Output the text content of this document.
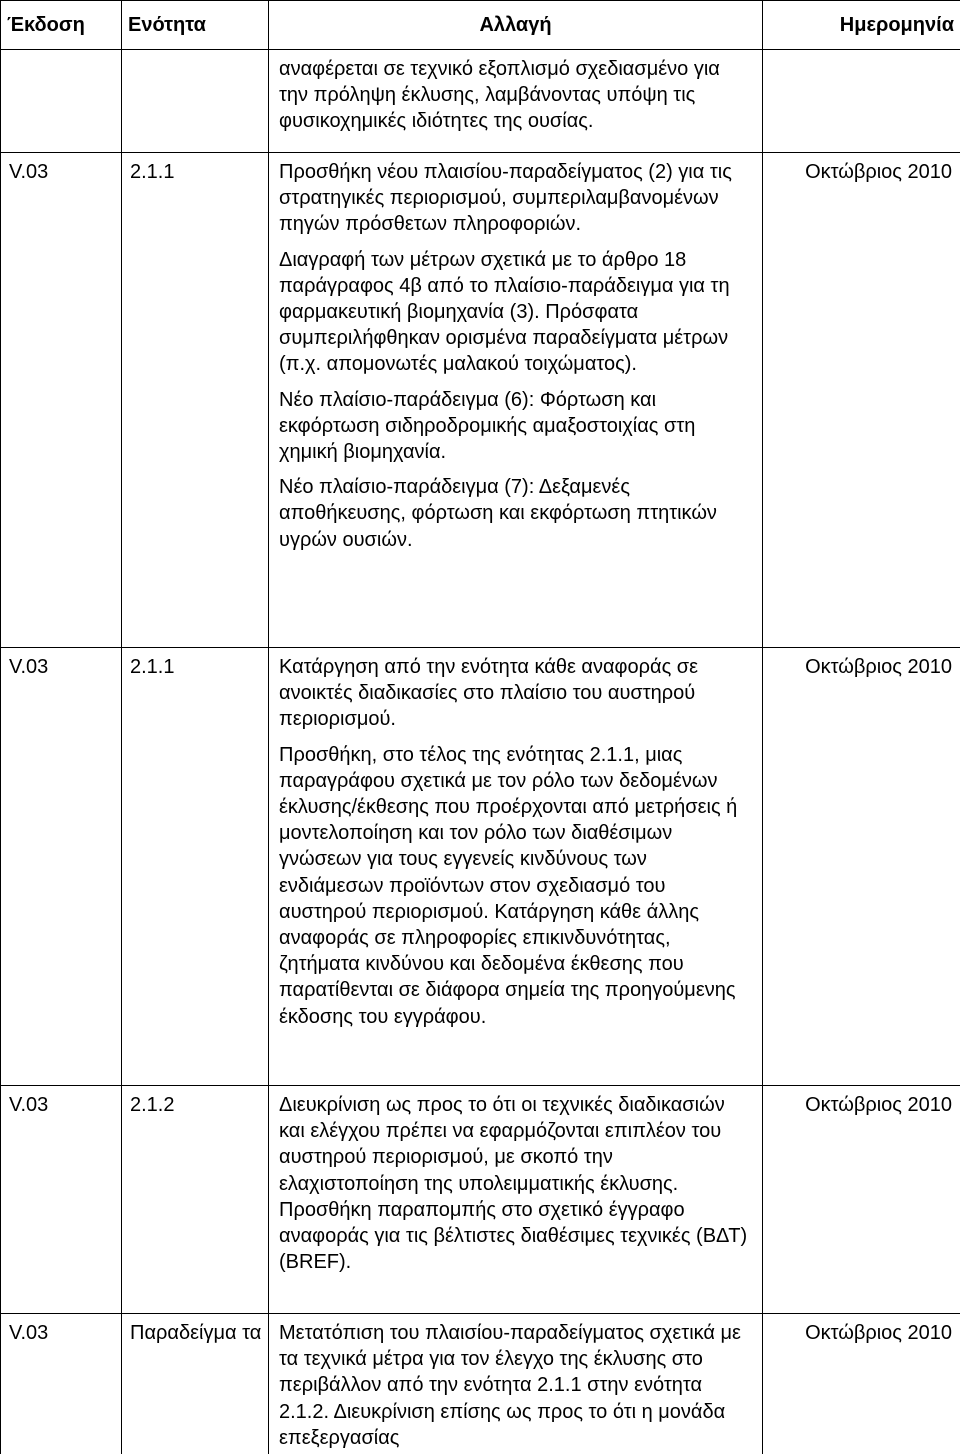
Έκδοση	Ενότητα	Αλλαγή	Ημερομηνία

		αναφέρεται σε τεχνικό εξοπλισμό σχεδιασμένο για την πρόληψη έκλυσης, λαμβάνοντας υπόψη τις φυσικοχημικές ιδιότητες της ουσίας.	

V.03	2.1.1	Προσθήκη νέου πλαισίου-παραδείγματος (2) για τις στρατηγικές περιορισμού, συμπεριλαμβανομένων πηγών πρόσθετων πληροφοριών.

Διαγραφή των μέτρων σχετικά με το άρθρο 18 παράγραφος 4β από το πλαίσιο-παράδειγμα για τη φαρμακευτική βιομηχανία (3). Πρόσφατα συμπεριλήφθηκαν ορισμένα παραδείγματα μέτρων (π.χ. απομονωτές μαλακού τοιχώματος).

Νέο πλαίσιο-παράδειγμα (6): Φόρτωση και εκφόρτωση σιδηροδρομικής αμαξοστοιχίας στη χημική βιομηχανία.

Νέο πλαίσιο-παράδειγμα (7): Δεξαμενές αποθήκευσης, φόρτωση και εκφόρτωση πτητικών υγρών ουσιών.	Οκτώβριος 2010

V.03	2.1.1	Κατάργηση από την ενότητα κάθε αναφοράς σε ανοικτές διαδικασίες στο πλαίσιο του αυστηρού περιορισμού.

Προσθήκη, στο τέλος της ενότητας 2.1.1, μιας παραγράφου σχετικά με τον ρόλο των δεδομένων έκλυσης/έκθεσης που προέρχονται από μετρήσεις ή μοντελοποίηση και τον ρόλο των διαθέσιμων γνώσεων για τους εγγενείς κινδύνους των ενδιάμεσων προϊόντων στον σχεδιασμό του αυστηρού περιορισμού. Κατάργηση κάθε άλλης αναφοράς σε πληροφορίες επικινδυνότητας, ζητήματα κινδύνου και δεδομένα έκθεσης που παρατίθενται σε διάφορα σημεία της προηγούμενης έκδοσης του εγγράφου.	Οκτώβριος 2010

V.03	2.1.2	Διευκρίνιση ως προς το ότι οι τεχνικές διαδικασιών και ελέγχου πρέπει να εφαρμόζονται επιπλέον του αυστηρού περιορισμού, με σκοπό την ελαχιστοποίηση της υπολειμματικής έκλυσης. Προσθήκη παραπομπής στο σχετικό έγγραφο αναφοράς για τις βέλτιστες διαθέσιμες τεχνικές (ΒΔΤ) (BREF).	Οκτώβριος 2010

V.03	Παραδείγμα τα	Μετατόπιση του πλαισίου-παραδείγματος σχετικά με τα τεχνικά μέτρα για τον έλεγχο της έκλυσης στο περιβάλλον από την ενότητα 2.1.1 στην ενότητα 2.1.2. Διευκρίνιση επίσης ως προς το ότι η μονάδα επεξεργασίας	Οκτώβριος 2010
